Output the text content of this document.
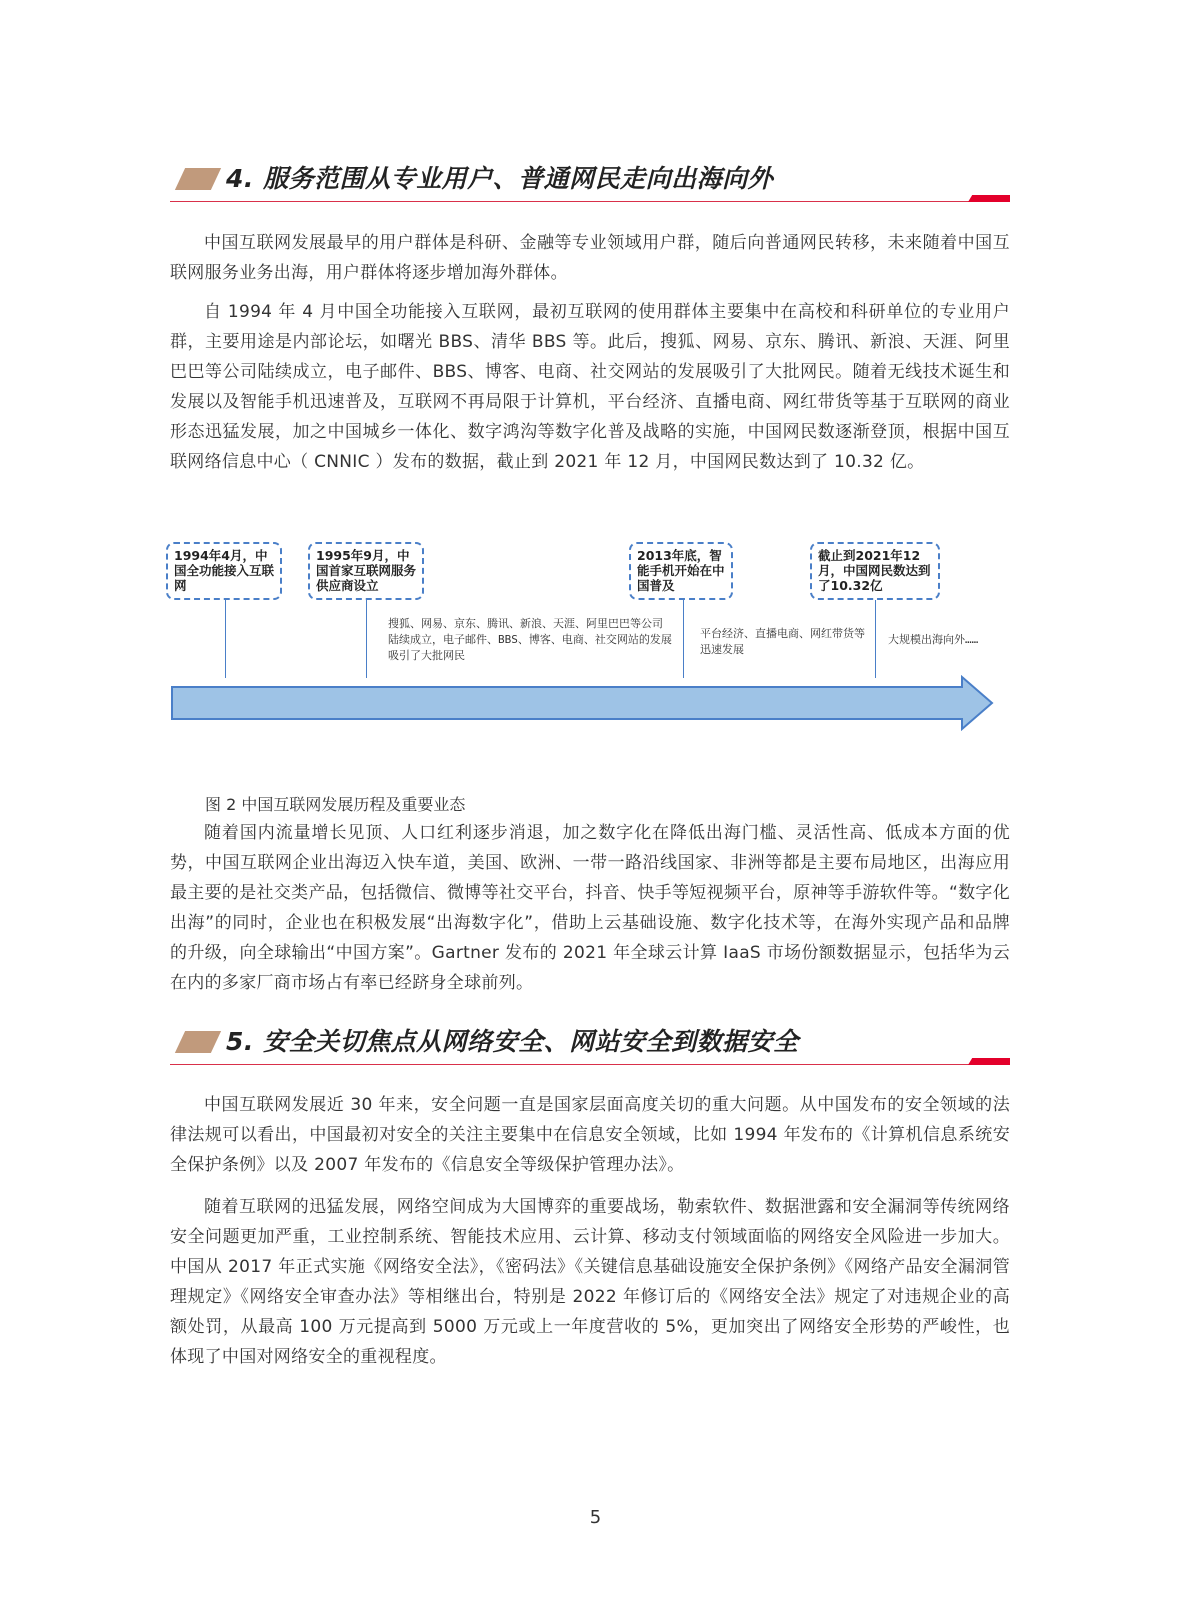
4. 服务范围从专业用户、普通网民走向出海向外

中国互联网发展最早的用户群体是科研、金融等专业领域用户群，随后向普通网民转移，未来随着中国互联网服务业务出海，用户群体将逐步增加海外群体。

自 1994 年 4 月中国全功能接入互联网，最初互联网的使用群体主要集中在高校和科研单位的专业用户群，主要用途是内部论坛，如曙光 BBS、清华 BBS 等。此后，搜狐、网易、京东、腾讯、新浪、天涯、阿里巴巴等公司陆续成立，电子邮件、BBS、博客、电商、社交网站的发展吸引了大批网民。随着无线技术诞生和发展以及智能手机迅速普及，互联网不再局限于计算机，平台经济、直播电商、网红带货等基于互联网的商业形态迅猛发展，加之中国城乡一体化、数字鸿沟等数字化普及战略的实施，中国网民数逐渐登顶，根据中国互联网络信息中心（ CNNIC ）发布的数据，截止到 2021 年 12 月，中国网民数达到了 10.32 亿。

1994年4月，中国全功能接入互联网
1995年9月，中国首家互联网服务供应商设立
2013年底，智能手机开始在中国普及
截止到2021年12月，中国网民数达到了10.32亿
搜狐、网易、京东、腾讯、新浪、天涯、阿里巴巴等公司陆续成立，电子邮件、BBS、博客、电商、社交网站的发展吸引了大批网民
平台经济、直播电商、网红带货等迅速发展
大规模出海向外……

图 2 中国互联网发展历程及重要业态

随着国内流量增长见顶、人口红利逐步消退，加之数字化在降低出海门槛、灵活性高、低成本方面的优势，中国互联网企业出海迈入快车道，美国、欧洲、一带一路沿线国家、非洲等都是主要布局地区，出海应用最主要的是社交类产品，包括微信、微博等社交平台，抖音、快手等短视频平台，原神等手游软件等。“数字化出海”的同时，企业也在积极发展“出海数字化”，借助上云基础设施、数字化技术等，在海外实现产品和品牌的升级，向全球输出“中国方案”。Gartner 发布的 2021 年全球云计算 IaaS 市场份额数据显示，包括华为云在内的多家厂商市场占有率已经跻身全球前列。

5. 安全关切焦点从网络安全、网站安全到数据安全

中国互联网发展近 30 年来，安全问题一直是国家层面高度关切的重大问题。从中国发布的安全领域的法律法规可以看出，中国最初对安全的关注主要集中在信息安全领域，比如 1994 年发布的《计算机信息系统安全保护条例》以及 2007 年发布的《信息安全等级保护管理办法》。

随着互联网的迅猛发展，网络空间成为大国博弈的重要战场，勒索软件、数据泄露和安全漏洞等传统网络安全问题更加严重，工业控制系统、智能技术应用、云计算、移动支付领域面临的网络安全风险进一步加大。中国从 2017 年正式实施《网络安全法》，《密码法》《关键信息基础设施安全保护条例》《网络产品安全漏洞管理规定》《网络安全审查办法》等相继出台，特别是 2022 年修订后的《网络安全法》规定了对违规企业的高额处罚，从最高 100 万元提高到 5000 万元或上一年度营收的 5%，更加突出了网络安全形势的严峻性，也体现了中国对网络安全的重视程度。

5
